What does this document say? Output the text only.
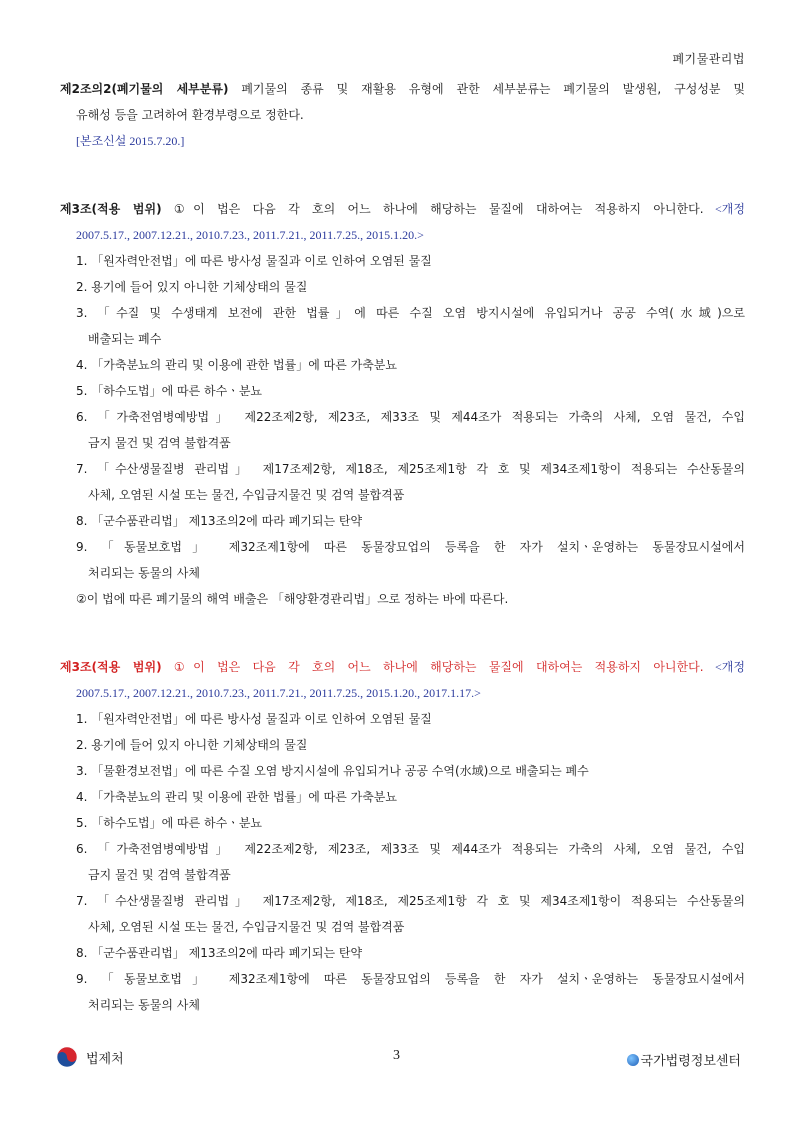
폐기물관리법
제2조의2(폐기물의 세부분류) 폐기물의 종류 및 재활용 유형에 관한 세부분류는 폐기물의 발생원, 구성성분 및
유해성 등을 고려하여 환경부령으로 정한다.
[본조신설 2015.7.20.]
제3조(적용 범위) ①이 법은 다음 각 호의 어느 하나에 해당하는 물질에 대하여는 적용하지 아니한다. <개정
2007.5.17., 2007.12.21., 2010.7.23., 2011.7.21., 2011.7.25., 2015.1.20.>
1. 「원자력안전법」에 따른 방사성 물질과 이로 인하여 오염된 물질
2. 용기에 들어 있지 아니한 기체상태의 물질
3. 「수질 및 수생태계 보전에 관한 법률」에 따른 수질 오염 방지시설에 유입되거나 공공 수역(水域)으로
배출되는 폐수
4. 「가축분뇨의 관리 및 이용에 관한 법률」에 따른 가축분뇨
5. 「하수도법」에 따른 하수ㆍ분뇨
6. 「가축전염병예방법」 제22조제2항, 제23조, 제33조 및 제44조가 적용되는 가축의 사체, 오염 물건, 수입
금지 물건 및 검역 불합격품
7. 「수산생물질병 관리법」 제17조제2항, 제18조, 제25조제1항 각 호 및 제34조제1항이 적용되는 수산동물의
사체, 오염된 시설 또는 물건, 수입금지물건 및 검역 불합격품
8. 「군수품관리법」 제13조의2에 따라 폐기되는 탄약
9. 「동물보호법」 제32조제1항에 따른 동물장묘업의 등록을 한 자가 설치ㆍ운영하는 동물장묘시설에서
처리되는 동물의 사체
②이 법에 따른 폐기물의 해역 배출은 「해양환경관리법」으로 정하는 바에 따른다.
제3조(적용 범위) ①이 법은 다음 각 호의 어느 하나에 해당하는 물질에 대하여는 적용하지 아니한다. <개정
2007.5.17., 2007.12.21., 2010.7.23., 2011.7.21., 2011.7.25., 2015.1.20., 2017.1.17.>
1. 「원자력안전법」에 따른 방사성 물질과 이로 인하여 오염된 물질
2. 용기에 들어 있지 아니한 기체상태의 물질
3. 「물환경보전법」에 따른 수질 오염 방지시설에 유입되거나 공공 수역(水域)으로 배출되는 폐수
4. 「가축분뇨의 관리 및 이용에 관한 법률」에 따른 가축분뇨
5. 「하수도법」에 따른 하수ㆍ분뇨
6. 「가축전염병예방법」 제22조제2항, 제23조, 제33조 및 제44조가 적용되는 가축의 사체, 오염 물건, 수입
금지 물건 및 검역 불합격품
7. 「수산생물질병 관리법」 제17조제2항, 제18조, 제25조제1항 각 호 및 제34조제1항이 적용되는 수산동물의
사체, 오염된 시설 또는 물건, 수입금지물건 및 검역 불합격품
8. 「군수품관리법」 제13조의2에 따라 폐기되는 탄약
9. 「동물보호법」 제32조제1항에 따른 동물장묘업의 등록을 한 자가 설치ㆍ운영하는 동물장묘시설에서
처리되는 동물의 사체
법제처	3	국가법령정보센터
